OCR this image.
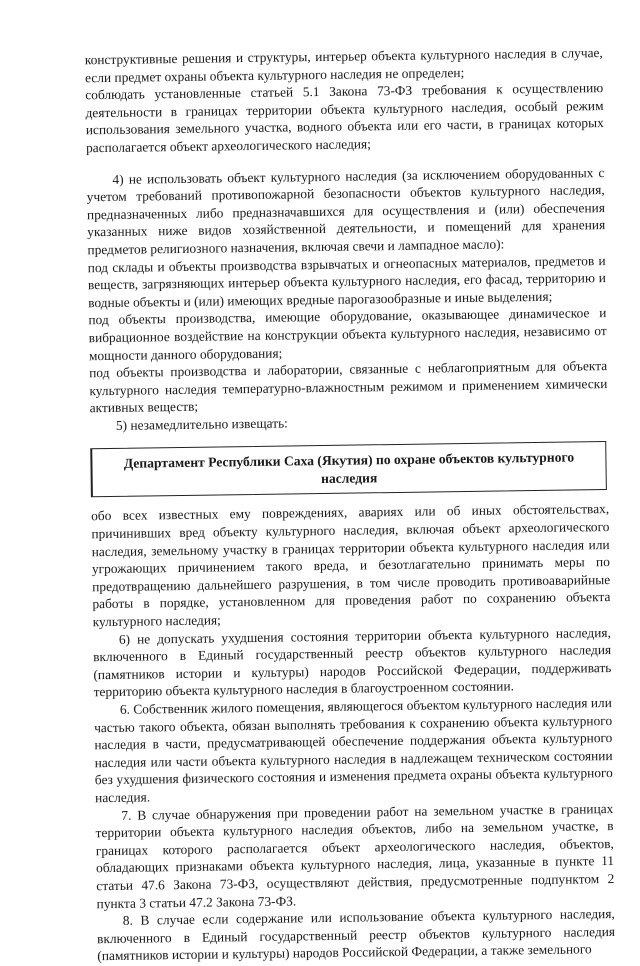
конструктивные решения и структуры, интерьер объекта культурного наследия в случае, если предмет охраны объекта культурного наследия не определен;

соблюдать установленные статьей 5.1 Закона 73-ФЗ требования к осуществлению деятельности в границах территории объекта культурного наследия, особый режим использования земельного участка, водного объекта или его части, в границах которых располагается объект археологического наследия;

4) не использовать объект культурного наследия (за исключением оборудованных с учетом требований противопожарной безопасности объектов культурного наследия, предназначенных либо предназначавшихся для осуществления и (или) обеспечения указанных ниже видов хозяйственной деятельности, и помещений для хранения предметов религиозного назначения, включая свечи и лампадное масло):

под склады и объекты производства взрывчатых и огнеопасных материалов, предметов и веществ, загрязняющих интерьер объекта культурного наследия, его фасад, территорию и водные объекты и (или) имеющих вредные парогазообразные и иные выделения;

под объекты производства, имеющие оборудование, оказывающее динамическое и вибрационное воздействие на конструкции объекта культурного наследия, независимо от мощности данного оборудования;

под объекты производства и лаборатории, связанные с неблагоприятным для объекта культурного наследия температурно-влажностным режимом и применением химически активных веществ;

5) незамедлительно извещать:

Департамент Республики Саха (Якутия) по охране объектов культурного наследия

обо всех известных ему повреждениях, авариях или об иных обстоятельствах, причинивших вред объекту культурного наследия, включая объект археологического наследия, земельному участку в границах территории объекта культурного наследия или угрожающих причинением такого вреда, и безотлагательно принимать меры по предотвращению дальнейшего разрушения, в том числе проводить противоаварийные работы в порядке, установленном для проведения работ по сохранению объекта культурного наследия;

6) не допускать ухудшения состояния территории объекта культурного наследия, включенного в Единый государственный реестр объектов культурного наследия (памятников истории и культуры) народов Российской Федерации, поддерживать территорию объекта культурного наследия в благоустроенном состоянии.

6. Собственник жилого помещения, являющегося объектом культурного наследия или частью такого объекта, обязан выполнять требования к сохранению объекта культурного наследия в части, предусматривающей обеспечение поддержания объекта культурного наследия или части объекта культурного наследия в надлежащем техническом состоянии без ухудшения физического состояния и изменения предмета охраны объекта культурного наследия.

7. В случае обнаружения при проведении работ на земельном участке в границах территории объекта культурного наследия объектов, либо на земельном участке, в границах которого располагается объект археологического наследия, объектов, обладающих признаками объекта культурного наследия, лица, указанные в пункте 11 статьи 47.6 Закона 73-ФЗ, осуществляют действия, предусмотренные подпунктом 2 пункта 3 статьи 47.2 Закона 73-ФЗ.

8. В случае если содержание или использование объекта культурного наследия, включенного в Единый государственный реестр объектов культурного наследия (памятников истории и культуры) народов Российской Федерации, а также земельного
